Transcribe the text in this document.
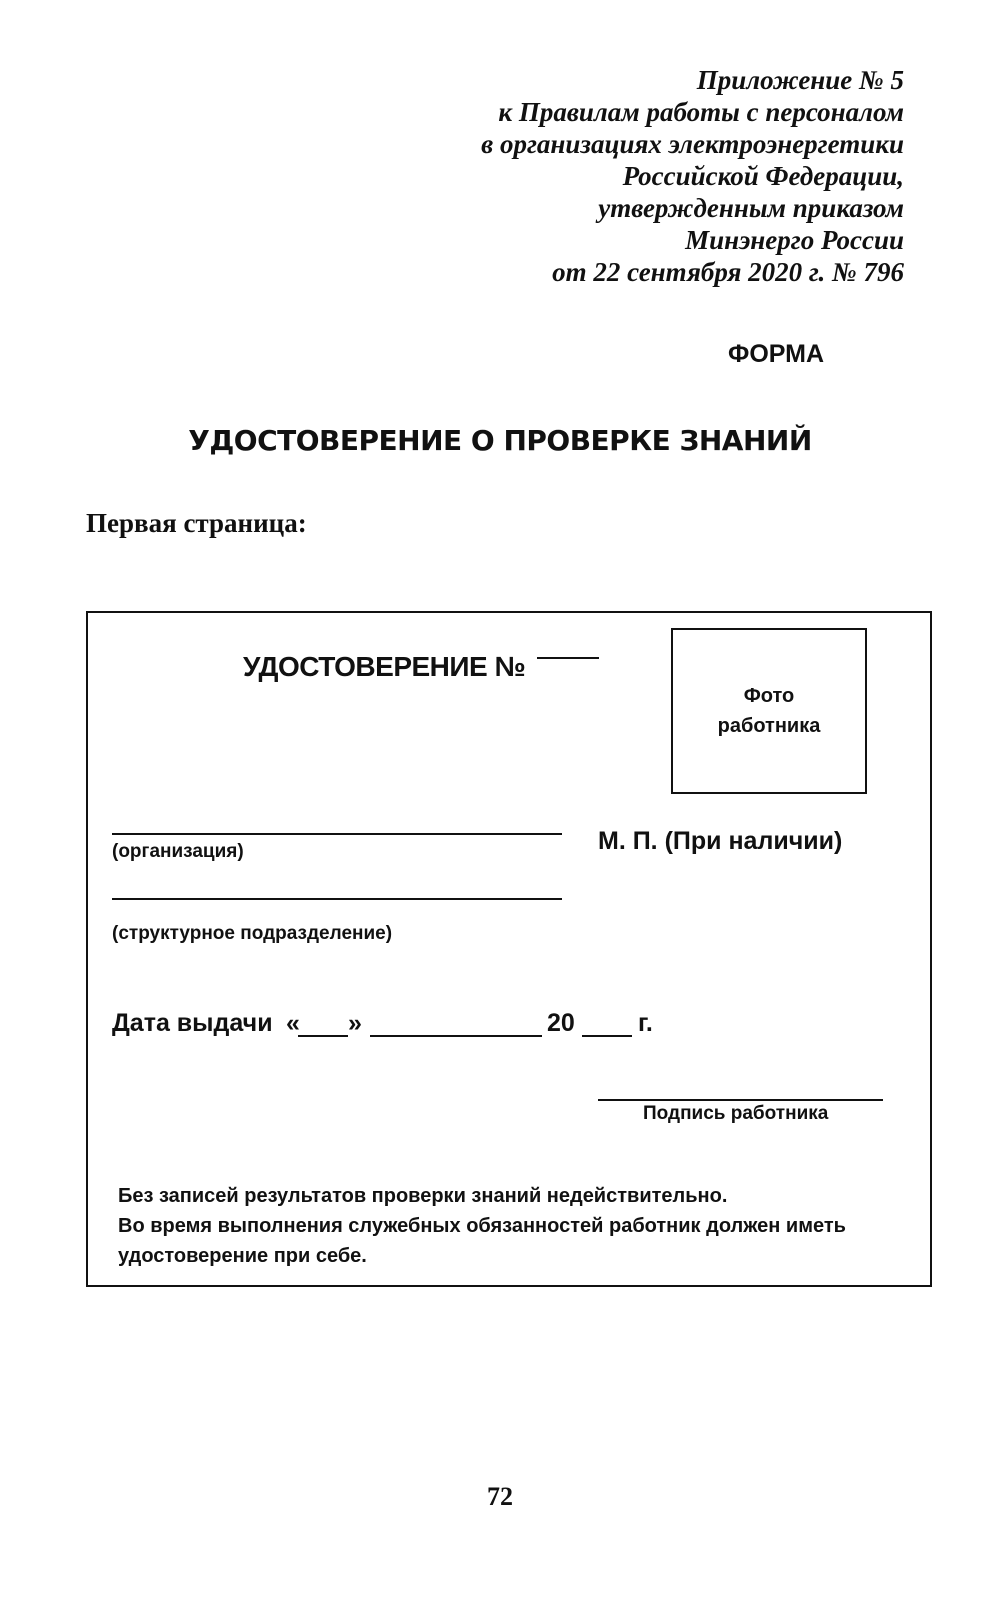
Приложение № 5
к Правилам работы с персоналом
в организациях электроэнергетики
Российской Федерации,
утвержденным приказом
Минэнерго России
от 22 сентября 2020 г. № 796
ФОРМА
УДОСТОВЕРЕНИЕ О ПРОВЕРКЕ ЗНАНИЙ
Первая страница:
УДОСТОВЕРЕНИЕ №
Фото
работника
М. П. (При наличии)
(организация)
(структурное подразделение)
Дата выдачи « »	20	г.
Подпись работника
Без записей результатов проверки знаний недействительно.
Во время выполнения служебных обязанностей работник должен иметь удостоверение при себе.
72
